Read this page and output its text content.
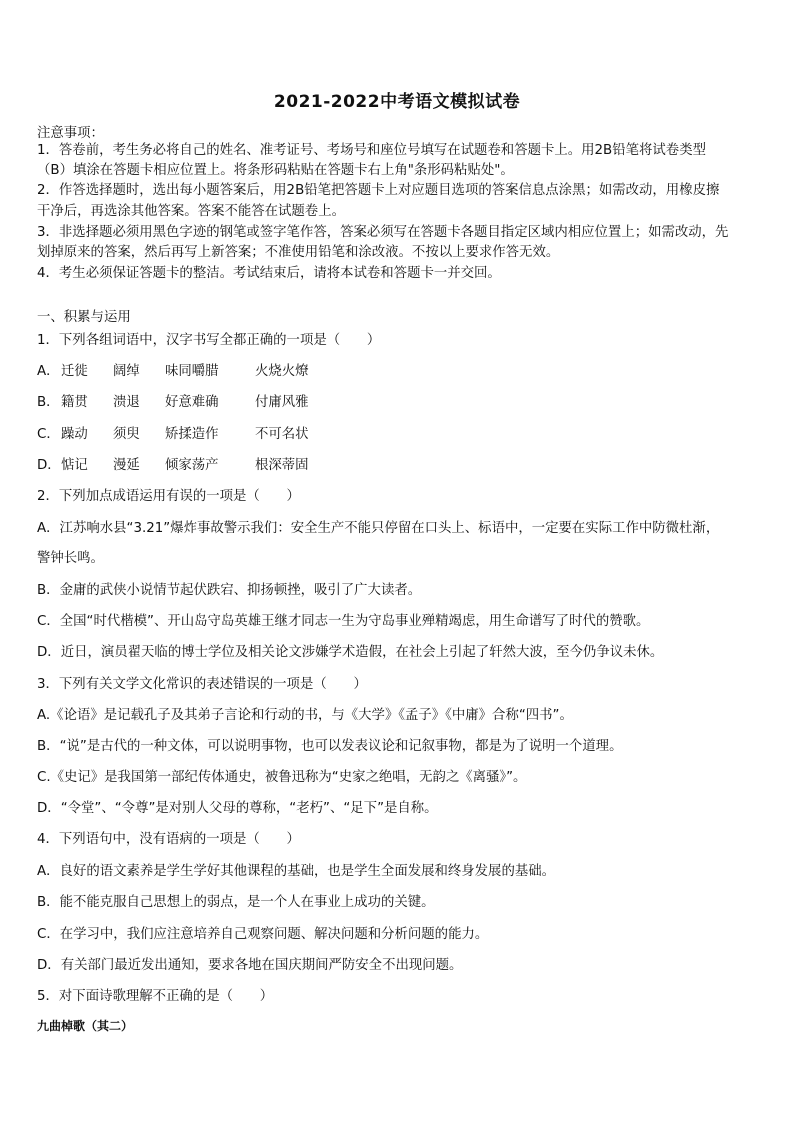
2021-2022中考语文模拟试卷
注意事项：
1．答卷前，考生务必将自己的姓名、准考证号、考场号和座位号填写在试题卷和答题卡上。用2B铅笔将试卷类型
（B）填涂在答题卡相应位置上。将条形码粘贴在答题卡右上角"条形码粘贴处"。
2．作答选择题时，选出每小题答案后，用2B铅笔把答题卡上对应题目选项的答案信息点涂黑；如需改动，用橡皮擦
干净后，再选涂其他答案。答案不能答在试题卷上。
3．非选择题必须用黑色字迹的钢笔或签字笔作答，答案必须写在答题卡各题目指定区域内相应位置上；如需改动，先
划掉原来的答案，然后再写上新答案；不准使用铅笔和涂改液。不按以上要求作答无效。
4．考生必须保证答题卡的整洁。考试结束后，请将本试卷和答题卡一并交回。
一、积累与运用
1．下列各组词语中，汉字书写全都正确的一项是（　　）
A．迁徙 阔绰 味同嚼腊	火烧火燎
B．籍贯 溃退 好意难确	付庸风雅
C．躁动 须臾 矫揉造作	不可名状
D．惦记 漫延 倾家荡产	根深蒂固
2．下列加点成语运用有误的一项是（　　）
A．江苏响水县“3.21”爆炸事故警示我们：安全生产不能只停留在口头上、标语中，一定要在实际工作中防微杜渐，
警钟长鸣。
B．金庸的武侠小说情节起伏跌宕、抑扬顿挫，吸引了广大读者。
C．全国“时代楷模”、开山岛守岛英雄王继才同志一生为守岛事业殚精竭虑，用生命谱写了时代的赞歌。
D．近日，演员翟天临的博士学位及相关论文涉嫌学术造假，在社会上引起了轩然大波，至今仍争议未休。
3．下列有关文学文化常识的表述错误的一项是（　　）
A.《论语》是记载孔子及其弟子言论和行动的书，与《大学》《孟子》《中庸》合称“四书”。
B．“说”是古代的一种文体，可以说明事物，也可以发表议论和记叙事物，都是为了说明一个道理。
C.《史记》是我国第一部纪传体通史，被鲁迅称为“史家之绝唱，无韵之《离骚》”。
D．“令堂”、“令尊”是对别人父母的尊称，“老朽”、“足下”是自称。
4．下列语句中，没有语病的一项是（　　）
A．良好的语文素养是学生学好其他课程的基础，也是学生全面发展和终身发展的基础。
B．能不能克服自己思想上的弱点，是一个人在事业上成功的关键。
C．在学习中，我们应注意培养自己观察问题、解决问题和分析问题的能力。
D．有关部门最近发出通知，要求各地在国庆期间严防安全不出现问题。
5．对下面诗歌理解不正确的是（　　）
九曲棹歌（其二）
